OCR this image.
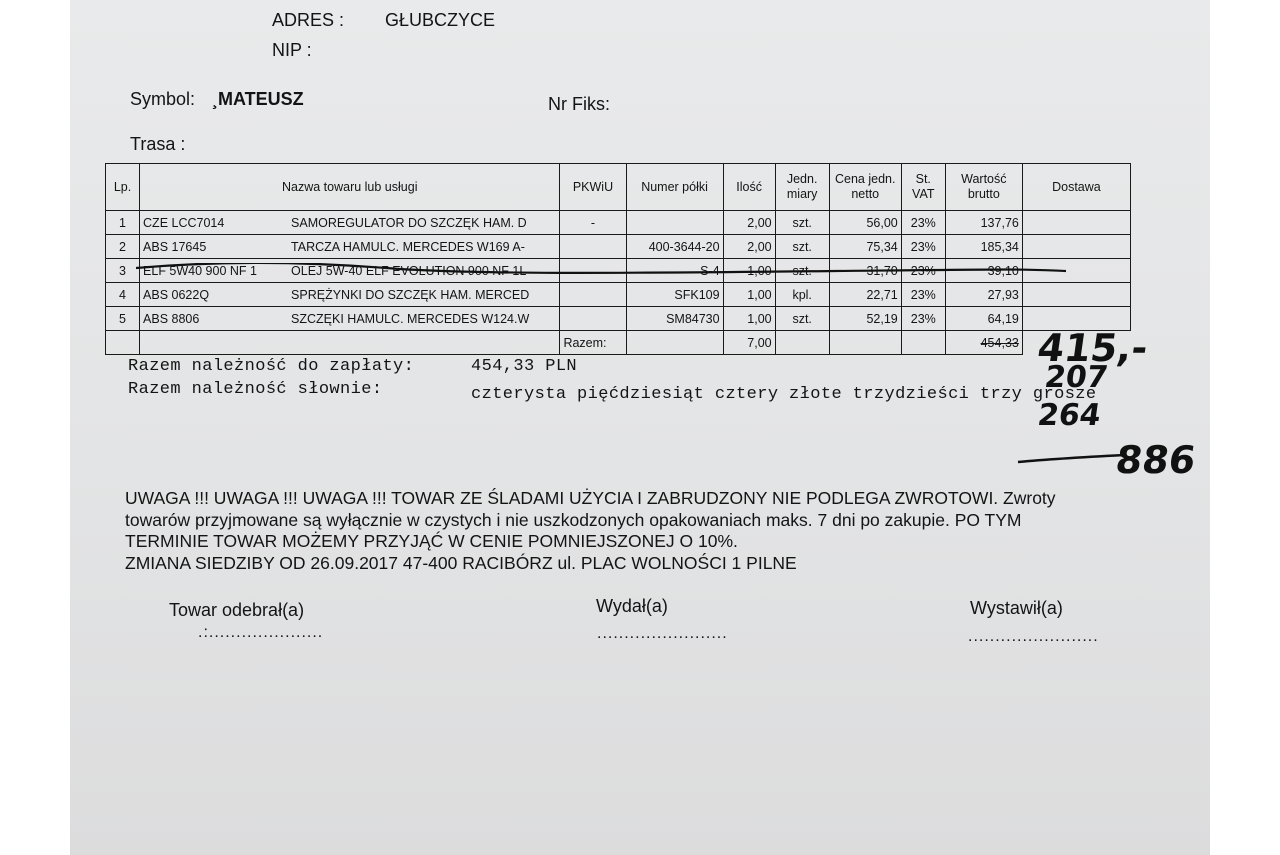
ADRES : GŁUBCZYCE
NIP :
Symbol: ¸MATEUSZ	Nr Fiks:
Trasa :
Lp.	Nazwa towaru lub usługi	PKWiU	Numer półki	Ilość	Jedn. miary	Cena jedn. netto	St. VAT	Wartość brutto	Dostawa
1	CZE LCC7014 SAMOREGULATOR DO SZCZĘK HAM. D	-		2,00	szt.	56,00	23%	137,76	
2	ABS 17645 TARCZA HAMULC. MERCEDES W169 A-		400-3644-20	2,00	szt.	75,34	23%	185,34	
3	ELF 5W40 900 NF 1 OLEJ 5W-40 ELF EVOLUTION 900 NF 1L		S-4	1,00	szt.	31,70	23%	39,10	
4	ABS 0622Q SPRĘŻYNKI DO SZCZĘK HAM. MERCED		SFK109	1,00	kpl.	22,71	23%	27,93	
5	ABS 8806 SZCZĘKI HAMULC. MERCEDES W124.W		SM84730	1,00	szt.	52,19	23%	64,19	
		Razem:		7,00				454,33	
Razem należność do zapłaty:	454,33 PLN
Razem należność słownie:	czterysta pięćdziesiąt cztery złote trzydzieści trzy grosze
415,-
207
264
886
UWAGA !!! UWAGA !!! UWAGA !!! TOWAR ZE ŚLADAMI UŻYCIA I ZABRUDZONY NIE PODLEGA ZWROTOWI. Zwroty
towarów przyjmowane są wyłącznie w czystych i nie uszkodzonych opakowaniach maks. 7 dni po zakupie. PO TYM
TERMINIE TOWAR MOŻEMY PRZYJĄĆ W CENIE POMNIEJSZONEJ O 10%.
ZMIANA SIEDZIBY OD 26.09.2017 47-400 RACIBÓRZ ul. PLAC WOLNOŚCI 1 PILNE
Towar odebrał(a)
.:.....................
Wydał(a)
........................
Wystawił(a)
........................
